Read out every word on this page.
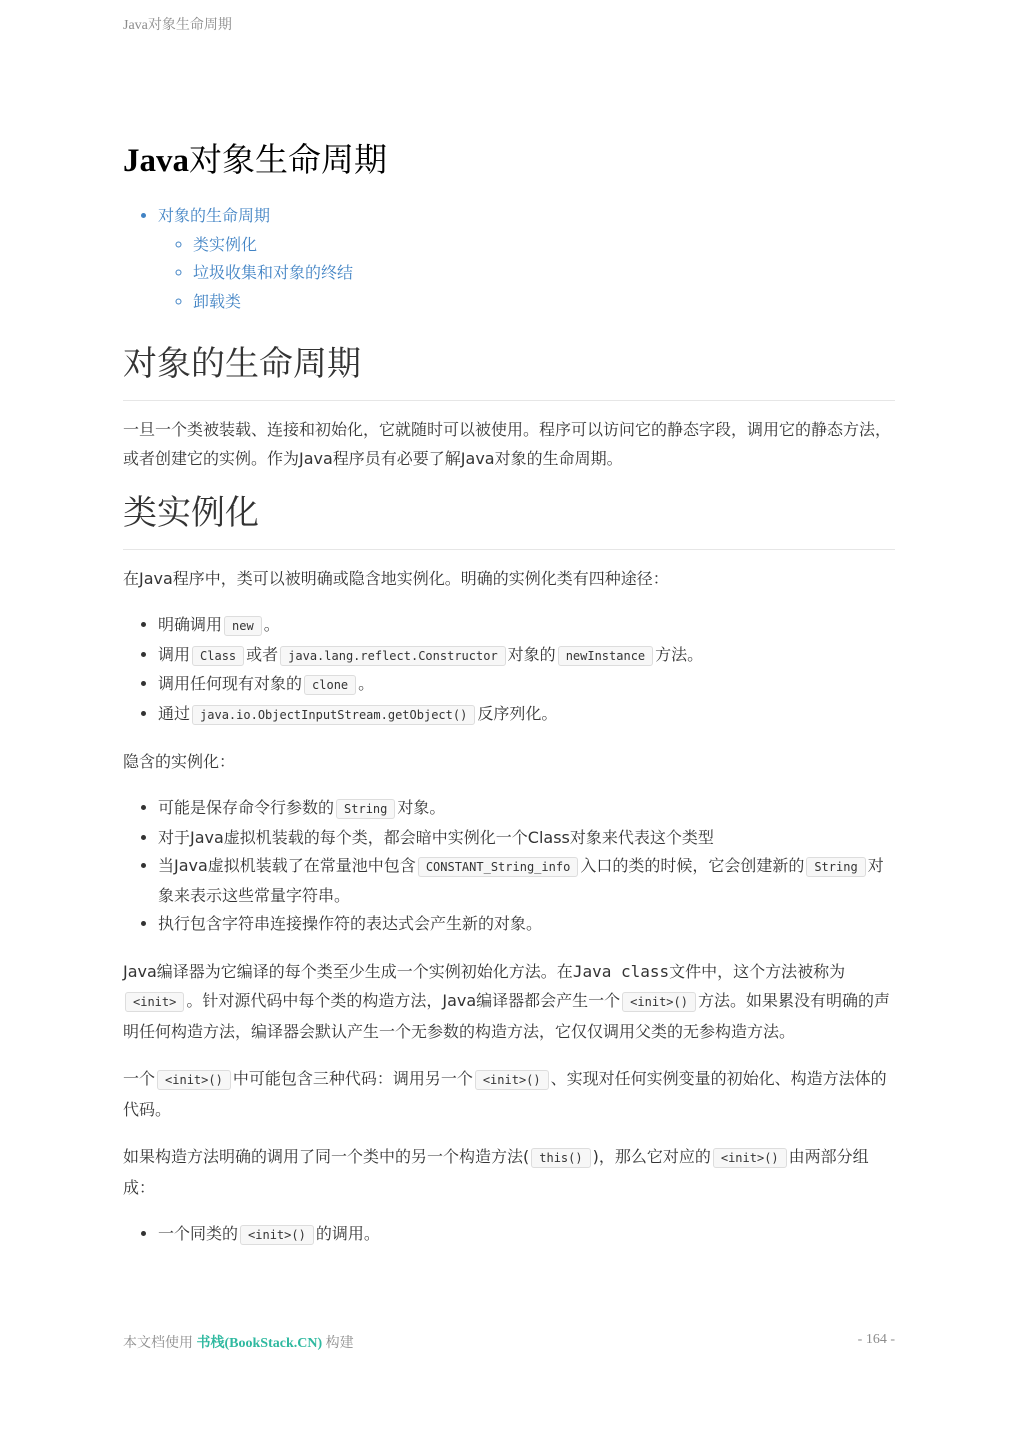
Java对象生命周期
Java对象生命周期
• 对象的生命周期
◦ 类实例化
◦ 垃圾收集和对象的终结
◦ 卸载类
对象的生命周期

一旦一个类被装载、连接和初始化，它就随时可以被使用。程序可以访问它的静态字段，调用它的静态方法，或者创建它的实例。作为Java程序员有必要了解Java对象的生命周期。

类实例化

在Java程序中，类可以被明确或隐含地实例化。明确的实例化类有四种途径：

• 明确调用 new 。
• 调用 Class 或者 java.lang.reflect.Constructor 对象的 newInstance 方法。
• 调用任何现有对象的 clone 。
• 通过 java.io.ObjectInputStream.getObject() 反序列化。

隐含的实例化：

• 可能是保存命令行参数的 String 对象。
• 对于Java虚拟机装载的每个类，都会暗中实例化一个Class对象来代表这个类型
• 当Java虚拟机装载了在常量池中包含 CONSTANT_String_info 入口的类的时候，它会创建新的 String 对象来表示这些常量字符串。
• 执行包含字符串连接操作符的表达式会产生新的对象。

Java编译器为它编译的每个类至少生成一个实例初始化方法。在Java class文件中，这个方法被称为<init> 。针对源代码中每个类的构造方法，Java编译器都会产生一个 <init>() 方法。如果累没有明确的声明任何构造方法，编译器会默认产生一个无参数的构造方法，它仅仅调用父类的无参构造方法。

一个 <init>() 中可能包含三种代码：调用另一个 <init>() 、实现对任何实例变量的初始化、构造方法体的代码。

如果构造方法明确的调用了同一个类中的另一个构造方法( this() )，那么它对应的 <init>() 由两部分组成：

• 一个同类的 <init>() 的调用。
本文档使用 书栈(BookStack.CN) 构建	- 164 -
